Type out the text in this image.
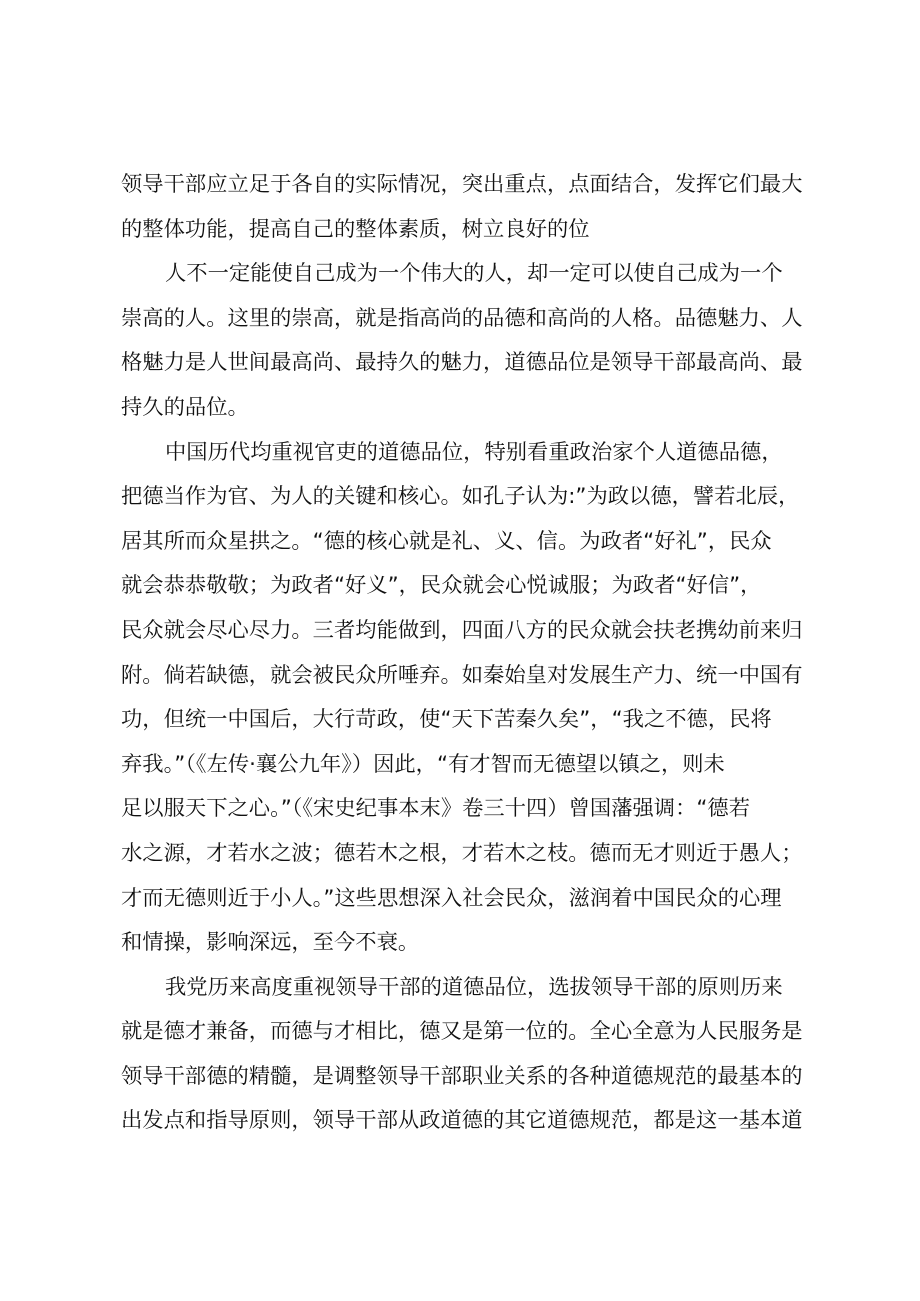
领导干部应立足于各自的实际情况，突出重点，点面结合，发挥它们最大
的整体功能，提高自己的整体素质，树立良好的位
人不一定能使自己成为一个伟大的人，却一定可以使自己成为一个
崇高的人。这里的崇高，就是指高尚的品德和高尚的人格。品德魅力、人
格魅力是人世间最高尚、最持久的魅力，道德品位是领导干部最高尚、最
持久的品位。
中国历代均重视官吏的道德品位，特别看重政治家个人道德品德，
把德当作为官、为人的关键和核心。如孔子认为:”为政以德，譬若北辰，
居其所而众星拱之。“德的核心就是礼、义、信。为政者“好礼”，民众
就会恭恭敬敬；为政者“好义”，民众就会心悦诚服；为政者“好信”，
民众就会尽心尽力。三者均能做到，四面八方的民众就会扶老携幼前来归
附。倘若缺德，就会被民众所唾弃。如秦始皇对发展生产力、统一中国有
功，但统一中国后，大行苛政，使“天下苦秦久矣”，“我之不德，民将
弃我。”（《左传·襄公九年》）因此，“有才智而无德望以镇之，则未
足以服天下之心。”（《宋史纪事本末》卷三十四）曾国藩强调：“德若
水之源，才若水之波；德若木之根，才若木之枝。德而无才则近于愚人；
才而无德则近于小人。”这些思想深入社会民众，滋润着中国民众的心理
和情操，影响深远，至今不衰。
我党历来高度重视领导干部的道德品位，选拔领导干部的原则历来
就是德才兼备，而德与才相比，德又是第一位的。全心全意为人民服务是
领导干部德的精髓，是调整领导干部职业关系的各种道德规范的最基本的
出发点和指导原则，领导干部从政道德的其它道德规范，都是这一基本道
